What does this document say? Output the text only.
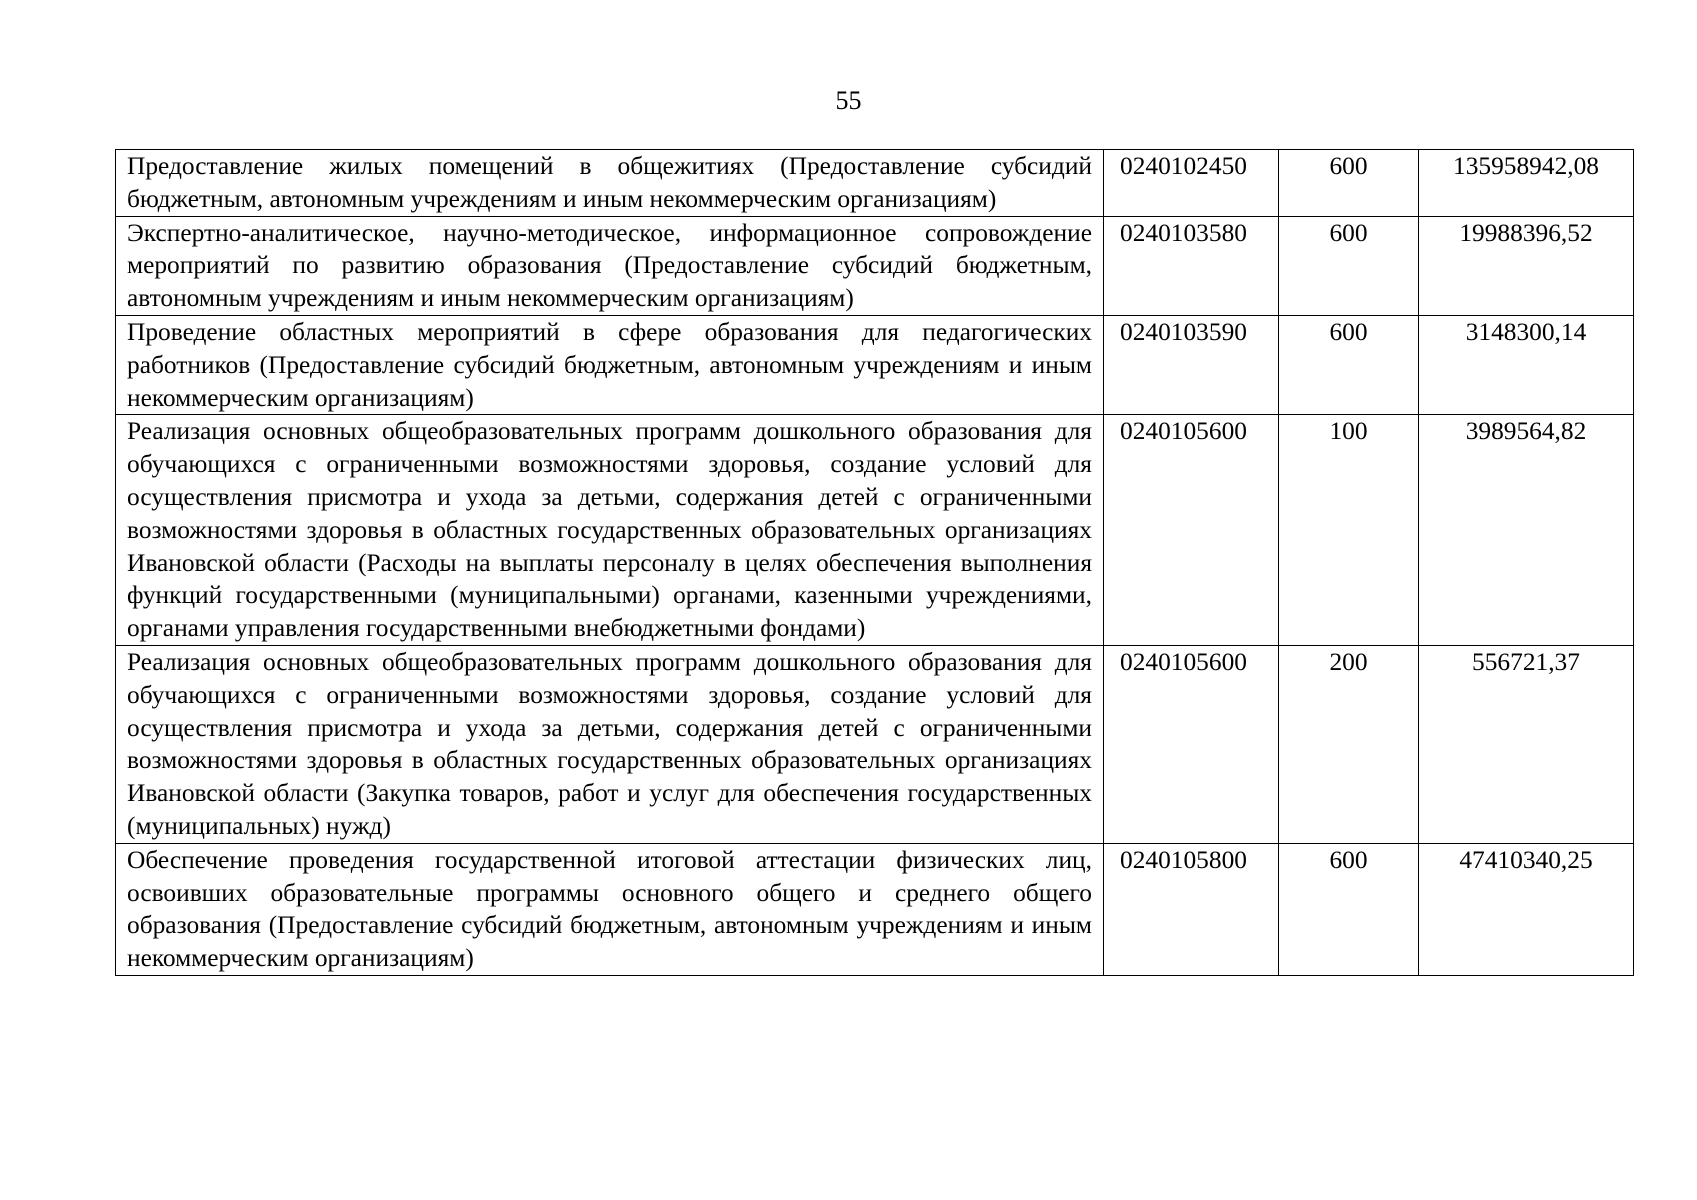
55
Предоставление жилых помещений в общежитиях (Предоставление субсидий бюджетным, автономным учреждениям и иным некоммерческим организациям)	0240102450	600	135958942,08
Экспертно-аналитическое, научно-методическое, информационное сопровождение мероприятий по развитию образования (Предоставление субсидий бюджетным, автономным учреждениям и иным некоммерческим организациям)	0240103580	600	19988396,52
Проведение областных мероприятий в сфере образования для педагогических работников (Предоставление субсидий бюджетным, автономным учреждениям и иным некоммерческим организациям)	0240103590	600	3148300,14
Реализация основных общеобразовательных программ дошкольного образования для обучающихся с ограниченными возможностями здоровья, создание условий для осуществления присмотра и ухода за детьми, содержания детей с ограниченными возможностями здоровья в областных государственных образовательных организациях Ивановской области (Расходы на выплаты персоналу в целях обеспечения выполнения функций государственными (муниципальными) органами, казенными учреждениями, органами управления государственными внебюджетными фондами)	0240105600	100	3989564,82
Реализация основных общеобразовательных программ дошкольного образования для обучающихся с ограниченными возможностями здоровья, создание условий для осуществления присмотра и ухода за детьми, содержания детей с ограниченными возможностями здоровья в областных государственных образовательных организациях Ивановской области (Закупка товаров, работ и услуг для обеспечения государственных (муниципальных) нужд)	0240105600	200	556721,37
Обеспечение проведения государственной итоговой аттестации физических лиц, освоивших образовательные программы основного общего и среднего общего образования (Предоставление субсидий бюджетным, автономным учреждениям и иным некоммерческим организациям)	0240105800	600	47410340,25
